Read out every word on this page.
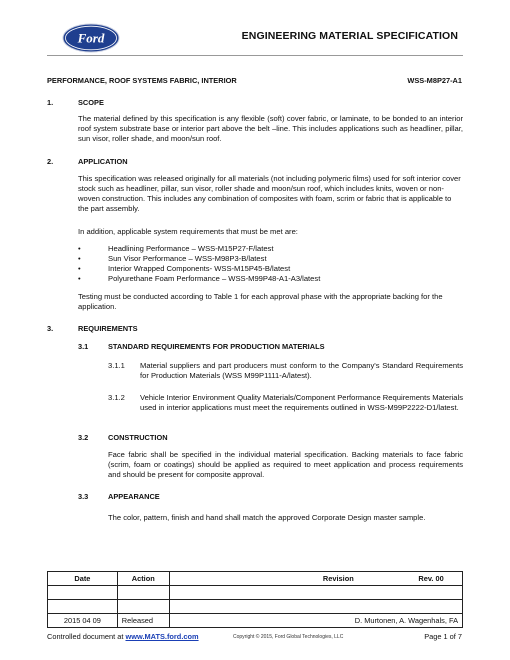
Ford	ENGINEERING MATERIAL SPECIFICATION
PERFORMANCE, ROOF SYSTEMS FABRIC, INTERIOR	WSS-M8P27-A1
1.	SCOPE
The material defined by this specification is any flexible (soft) cover fabric, or laminate, to be bonded to an interior roof system substrate base or interior part above the belt –line. This includes applications such as headliner, pillar, sun visor, roller shade, and moon/sun roof.
2.	APPLICATION
This specification was released originally for all materials (not including polymeric films) used for soft interior cover stock such as headliner, pillar, sun visor, roller shade and moon/sun roof, which includes knits, woven or non-woven construction. This includes any combination of composites with foam, scrim or fabric that is applicable to the part assembly.
In addition, applicable system requirements that must be met are:
•	Headlining Performance – WSS-M15P27-F/latest
•	Sun Visor Performance – WSS-M98P3-B/latest
•	Interior Wrapped Components- WSS-M15P45-B/latest
•	Polyurethane Foam Performance – WSS-M99P48-A1-A3/latest
Testing must be conducted according to Table 1 for each approval phase with the appropriate backing for the application.
3.	REQUIREMENTS
3.1	STANDARD REQUIREMENTS FOR PRODUCTION MATERIALS
3.1.1 Material suppliers and part producers must conform to the Company's Standard Requirements for Production Materials (WSS M99P1111-A/latest).
3.1.2 Vehicle Interior Environment Quality Materials/Component Performance Requirements Materials used in interior applications must meet the requirements outlined in WSS-M99P2222-D1/latest.
3.2	CONSTRUCTION
Face fabric shall be specified in the individual material specification. Backing materials to face fabric (scrim, foam or coatings) should be applied as required to meet application and process requirements and should be present for composite approval.
3.3	APPEARANCE
The color, pattern, finish and hand shall match the approved Corporate Design master sample.
Date	Action	Revision Rev. 00

2015 04 09	Released	D. Murtonen, A. Wagenhals, FA
Controlled document at www.MATS.ford.com	Copyright © 2015, Ford Global Technologies, LLC	Page 1 of 7
